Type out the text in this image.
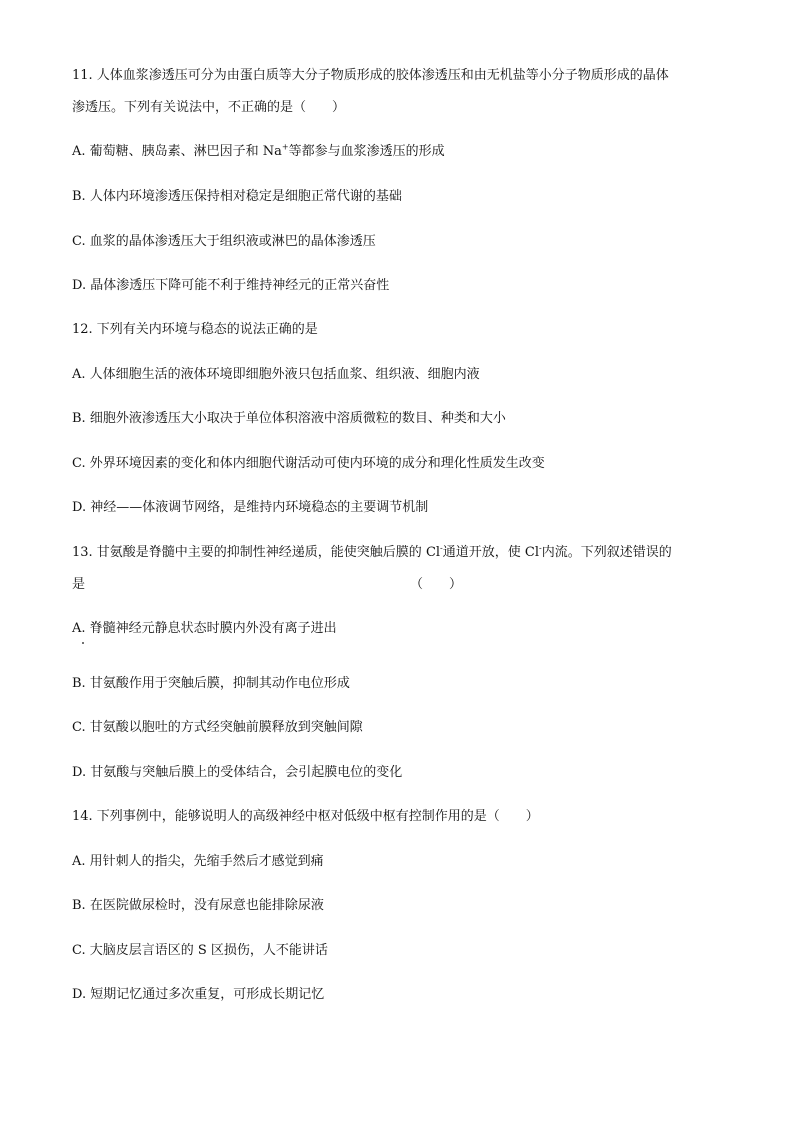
11. 人体血浆渗透压可分为由蛋白质等大分子物质形成的胶体渗透压和由无机盐等小分子物质形成的晶体
渗透压。下列有关说法中，不正确的是（　　）
A. 葡萄糖、胰岛素、淋巴因子和 Na+等都参与血浆渗透压的形成
B. 人体内环境渗透压保持相对稳定是细胞正常代谢的基础
C. 血浆的晶体渗透压大于组织液或淋巴的晶体渗透压
D. 晶体渗透压下降可能不利于维持神经元的正常兴奋性
12. 下列有关内环境与稳态的说法正确的是
A. 人体细胞生活的液体环境即细胞外液只包括血浆、组织液、细胞内液
B. 细胞外液渗透压大小取决于单位体积溶液中溶质微粒的数目、种类和大小
C. 外界环境因素的变化和体内细胞代谢活动可使内环境的成分和理化性质发生改变
D. 神经——体液调节网络，是维持内环境稳态的主要调节机制
13. 甘氨酸是脊髓中主要的抑制性神经递质，能使突触后膜的 Cl-通道开放，使 Cl-内流。下列叙述错误的
是	（　　）
A. 脊髓神经元静息状态时膜内外没有离子进出
B. 甘氨酸作用于突触后膜，抑制其动作电位形成
C. 甘氨酸以胞吐的方式经突触前膜释放到突触间隙
D. 甘氨酸与突触后膜上的受体结合，会引起膜电位的变化
14. 下列事例中，能够说明人的高级神经中枢对低级中枢有控制作用的是（　　）
A. 用针刺人的指尖，先缩手然后才感觉到痛
B. 在医院做尿检时，没有尿意也能排除尿液
C. 大脑皮层言语区的 S 区损伤，人不能讲话
D. 短期记忆通过多次重复，可形成长期记忆
